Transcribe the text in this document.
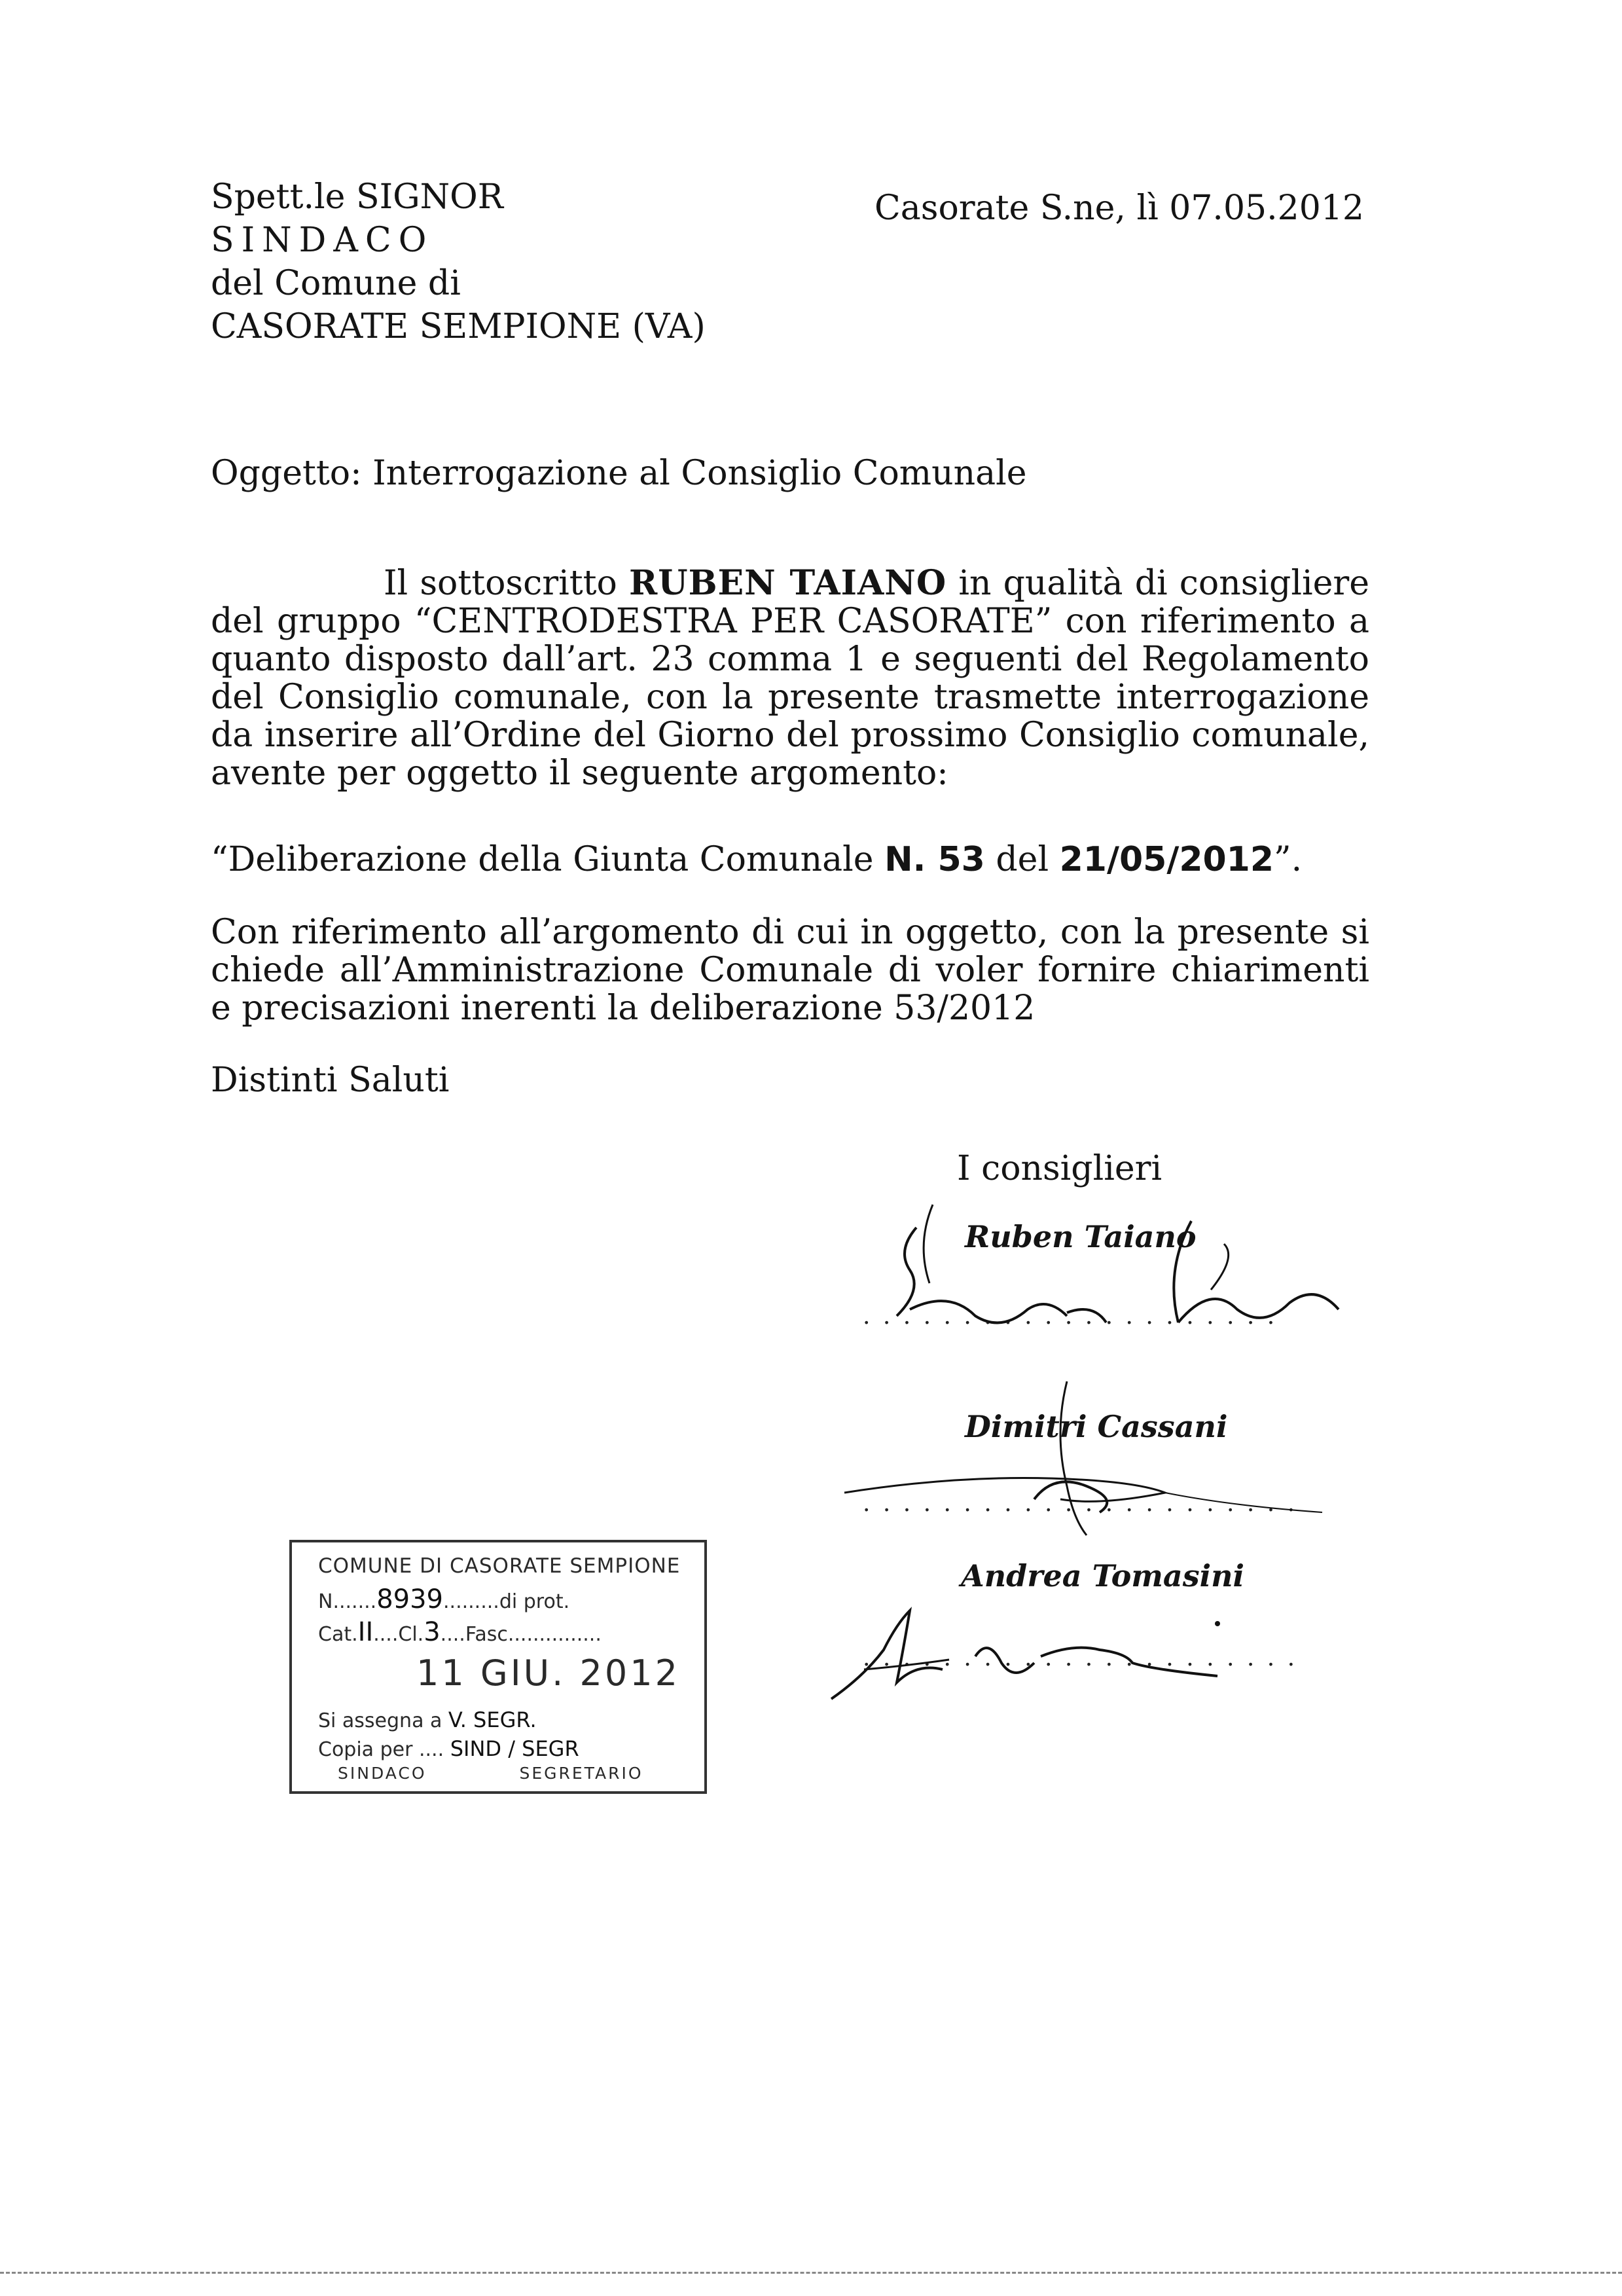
Spett.le SIGNOR
SINDACO
del Comune di
CASORATE SEMPIONE (VA)
Casorate S.ne, lì 07.05.2012
Oggetto: Interrogazione al Consiglio Comunale
Il sottoscritto RUBEN TAIANO in qualità di consigliere del gruppo “CENTRODESTRA PER CASORATE” con riferimento a quanto disposto dall’art. 23 comma 1 e seguenti del Regolamento del Consiglio comunale, con la presente trasmette interrogazione da inserire all’Ordine del Giorno del prossimo Consiglio comunale, avente per oggetto il seguente argomento:
“Deliberazione della Giunta Comunale N. 53 del 21/05/2012”.
Con riferimento all’argomento di cui in oggetto, con la presente si chiede all’Amministrazione Comunale di voler fornire chiarimenti e precisazioni inerenti la deliberazione 53/2012
Distinti Saluti
I consiglieri
Ruben Taiano
. . . . . . . . . . . . . . . . . . . . .
Dimitri Cassani
. . . . . . . . . . . . . . . . . . . . . .
Andrea Tomasini
. . . . . . . . . . . . . . . . . . . . . .
COMUNE DI CASORATE SEMPIONE
N.......8939.........di prot.
Cat.II....Cl.3....Fasc...............
11 GIU. 2012
Si assegna a V. SEGR.
Copia per .... SIND / SEGR
SINDACO	SEGRETARIO
